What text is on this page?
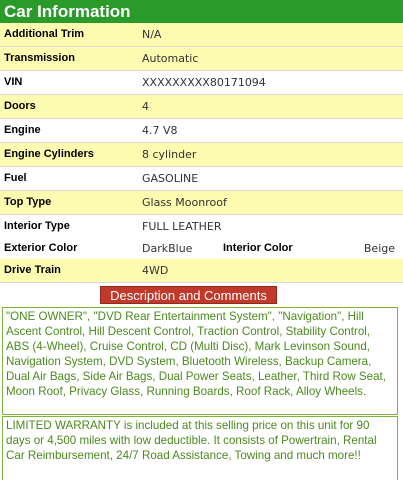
Car Information
Additional Trim	N/A
Transmission	Automatic
VIN	XXXXXXXXX80171094
Doors	4
Engine	4.7 V8
Engine Cylinders	8 cylinder
Fuel	GASOLINE
Top Type	Glass Moonroof
Interior Type	FULL LEATHER
Exterior Color	DarkBlue	Interior Color	Beige
Drive Train	4WD
Description and Comments
"ONE OWNER", "DVD Rear Entertainment System", "Navigation", Hill Ascent Control, Hill Descent Control, Traction Control, Stability Control, ABS (4-Wheel), Cruise Control, CD (Multi Disc), Mark Levinson Sound, Navigation System, DVD System, Bluetooth Wireless, Backup Camera, Dual Air Bags, Side Air Bags, Dual Power Seats, Leather, Third Row Seat, Moon Roof, Privacy Glass, Running Boards, Roof Rack, Alloy Wheels.
LIMITED WARRANTY is included at this selling price on this unit for 90 days or 4,500 miles with low deductible. It consists of Powertrain, Rental Car Reimbursement, 24/7 Road Assistance, Towing and much more!!
